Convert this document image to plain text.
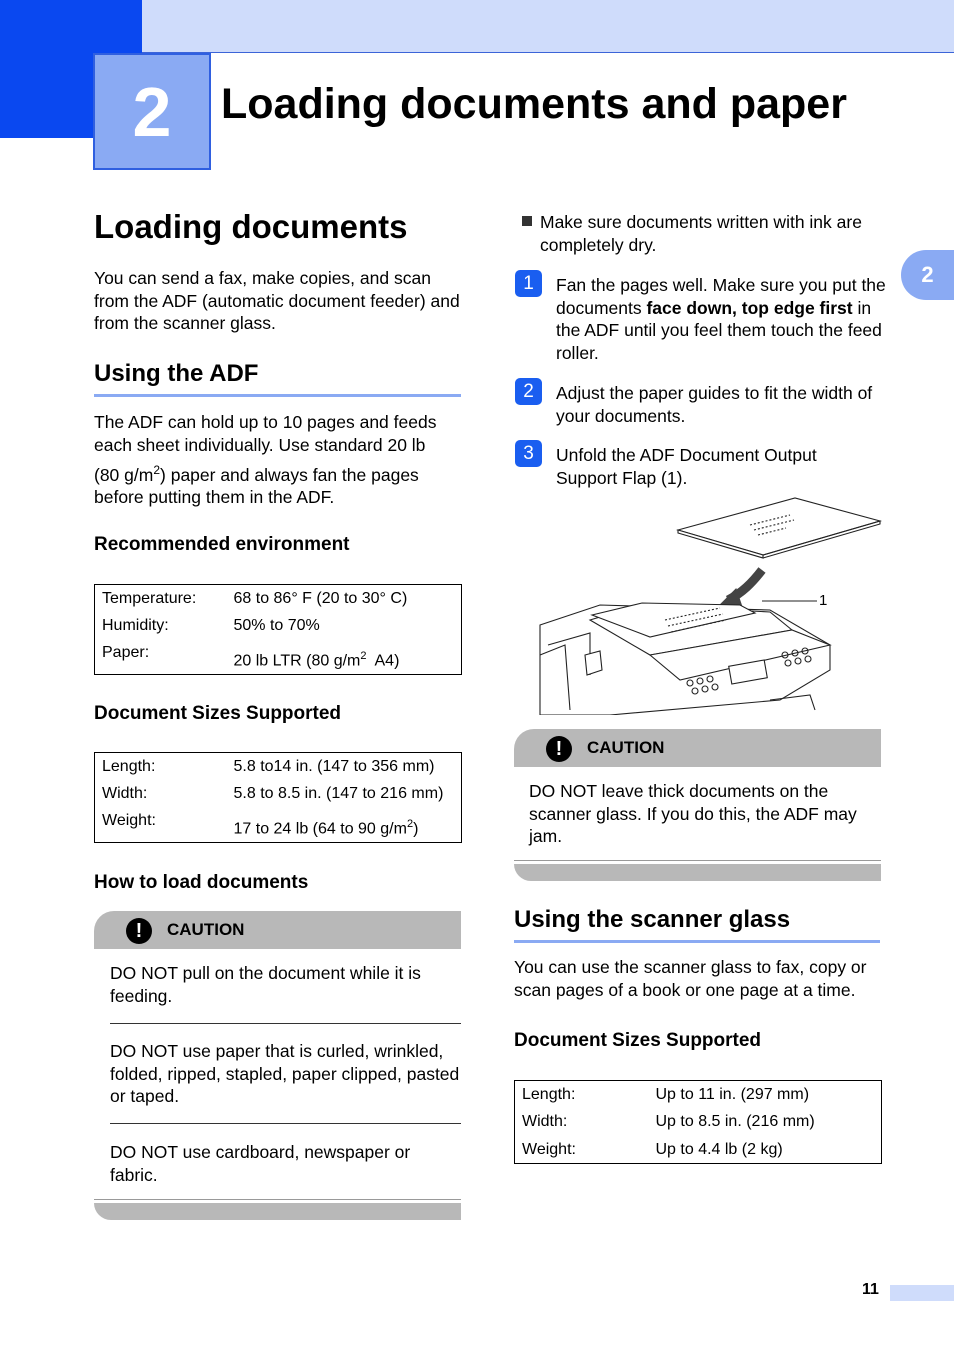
2 Loading documents and paper
2
Loading documents
You can send a fax, make copies, and scan from the ADF (automatic document feeder) and from the scanner glass.
Using the ADF
The ADF can hold up to 10 pages and feeds
each sheet individually. Use standard 20 lb
(80 $g/m^2$) paper and always fan the pages
before putting them in the ADF.
Recommended environment
Temperature:	68 to 86° F (20 to 30° C)
Humidity:	50% to 70%
Paper:	20 lb LTR (80 $g/m^2$  A4)
Document Sizes Supported
Length:	5.8 to14 in. (147 to 356 mm)
Width:	5.8 to 8.5 in. (147 to 216 mm)
Weight:	17 to 24 lb (64 to 90 $g/m^2$)
How to load documents
!	CAUTION
DO NOT pull on the document while it is feeding.
DO NOT use paper that is curled, wrinkled, folded, ripped, stapled, paper clipped, pasted or taped.
DO NOT use cardboard, newspaper or fabric.
Make sure documents written with ink are completely dry.
1	Fan the pages well. Make sure you put the documents face down, top edge first in the ADF until you feel them touch the feed roller.
2	Adjust the paper guides to fit the width of your documents.
3	Unfold the ADF Document Output Support Flap (1).
1
!	CAUTION
DO NOT leave thick documents on the scanner glass. If you do this, the ADF may jam.
Using the scanner glass
You can use the scanner glass to fax, copy or scan pages of a book or one page at a time.
Document Sizes Supported
Length:	Up to 11 in. (297 mm)
Width:	Up to 8.5 in. (216 mm)
Weight:	Up to 4.4 lb (2 kg)
11
